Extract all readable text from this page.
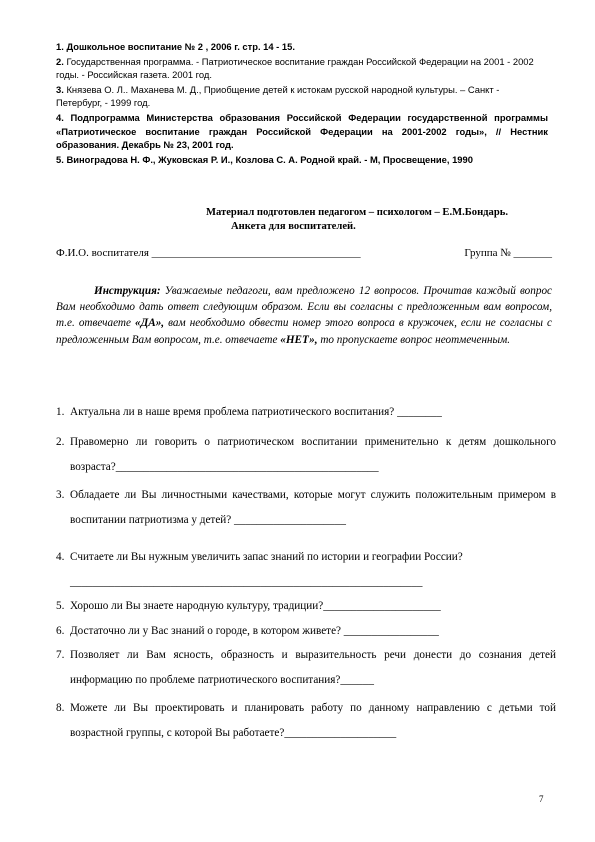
1. Дошкольное воспитание № 2 , 2006 г. стр. 14 - 15.

2. Государственная программа. - Патриотическое воспитание граждан Российской Федерации на 2001 - 2002 годы. - Российская газета. 2001 год.

3. Князева О. Л.. Маханева М. Д., Приобщение детей к истокам русской народной культуры. – Санкт - Петербург, - 1999 год.

4. Подпрограмма Министерства образования Российской Федерации государственной программы «Патриотическое воспитание граждан Российской Федерации на 2001-2002 годы», // Нестник образования. Декабрь № 23, 2001 год.

5. Виноградова Н. Ф., Жуковская Р. И., Козлова С. А. Родной край. - М, Просвещение, 1990

Материал подготовлен педагогом – психологом – Е.М.Бондарь.
Анкета для воспитателей.
Ф.И.О. воспитателя ______________________________________	Группа № _______
Инструкция: Уважаемые педагоги, вам предложено 12 вопросов. Прочитав каждый вопрос Вам необходимо дать ответ следующим образом. Если вы согласны с предложенным вам вопросом, т.е. отвечаете «ДА», вам необходимо обвести номер этого вопроса в кружочек, если не согласны с предложенным Вам вопросом, т.е. отвечаете «НЕТ», то пропускаете вопрос неотмеченным.
1. Актуальна ли в наше время проблема патриотического воспитания? ________
2. Правомерно ли говорить о патриотическом воспитании применительно к детям дошкольного возраста?_______________________________________________
3. Обладаете ли Вы личностными качествами, которые могут служить положительным примером в воспитании патриотизма у детей? ____________________
4. Считаете ли Вы нужным увеличить запас знаний по истории и географии России?
_______________________________________________________________
5. Хорошо ли Вы знаете народную культуру, традиции?_____________________
6. Достаточно ли у Вас знаний о городе, в котором живете? _________________
7. Позволяет ли Вам ясность, образность и выразительность речи донести до сознания детей информацию по проблеме патриотического воспитания?______
8. Можете ли Вы проектировать и планировать работу по данному направлению с детьми той возрастной группы, с которой Вы работаете?____________________
7
